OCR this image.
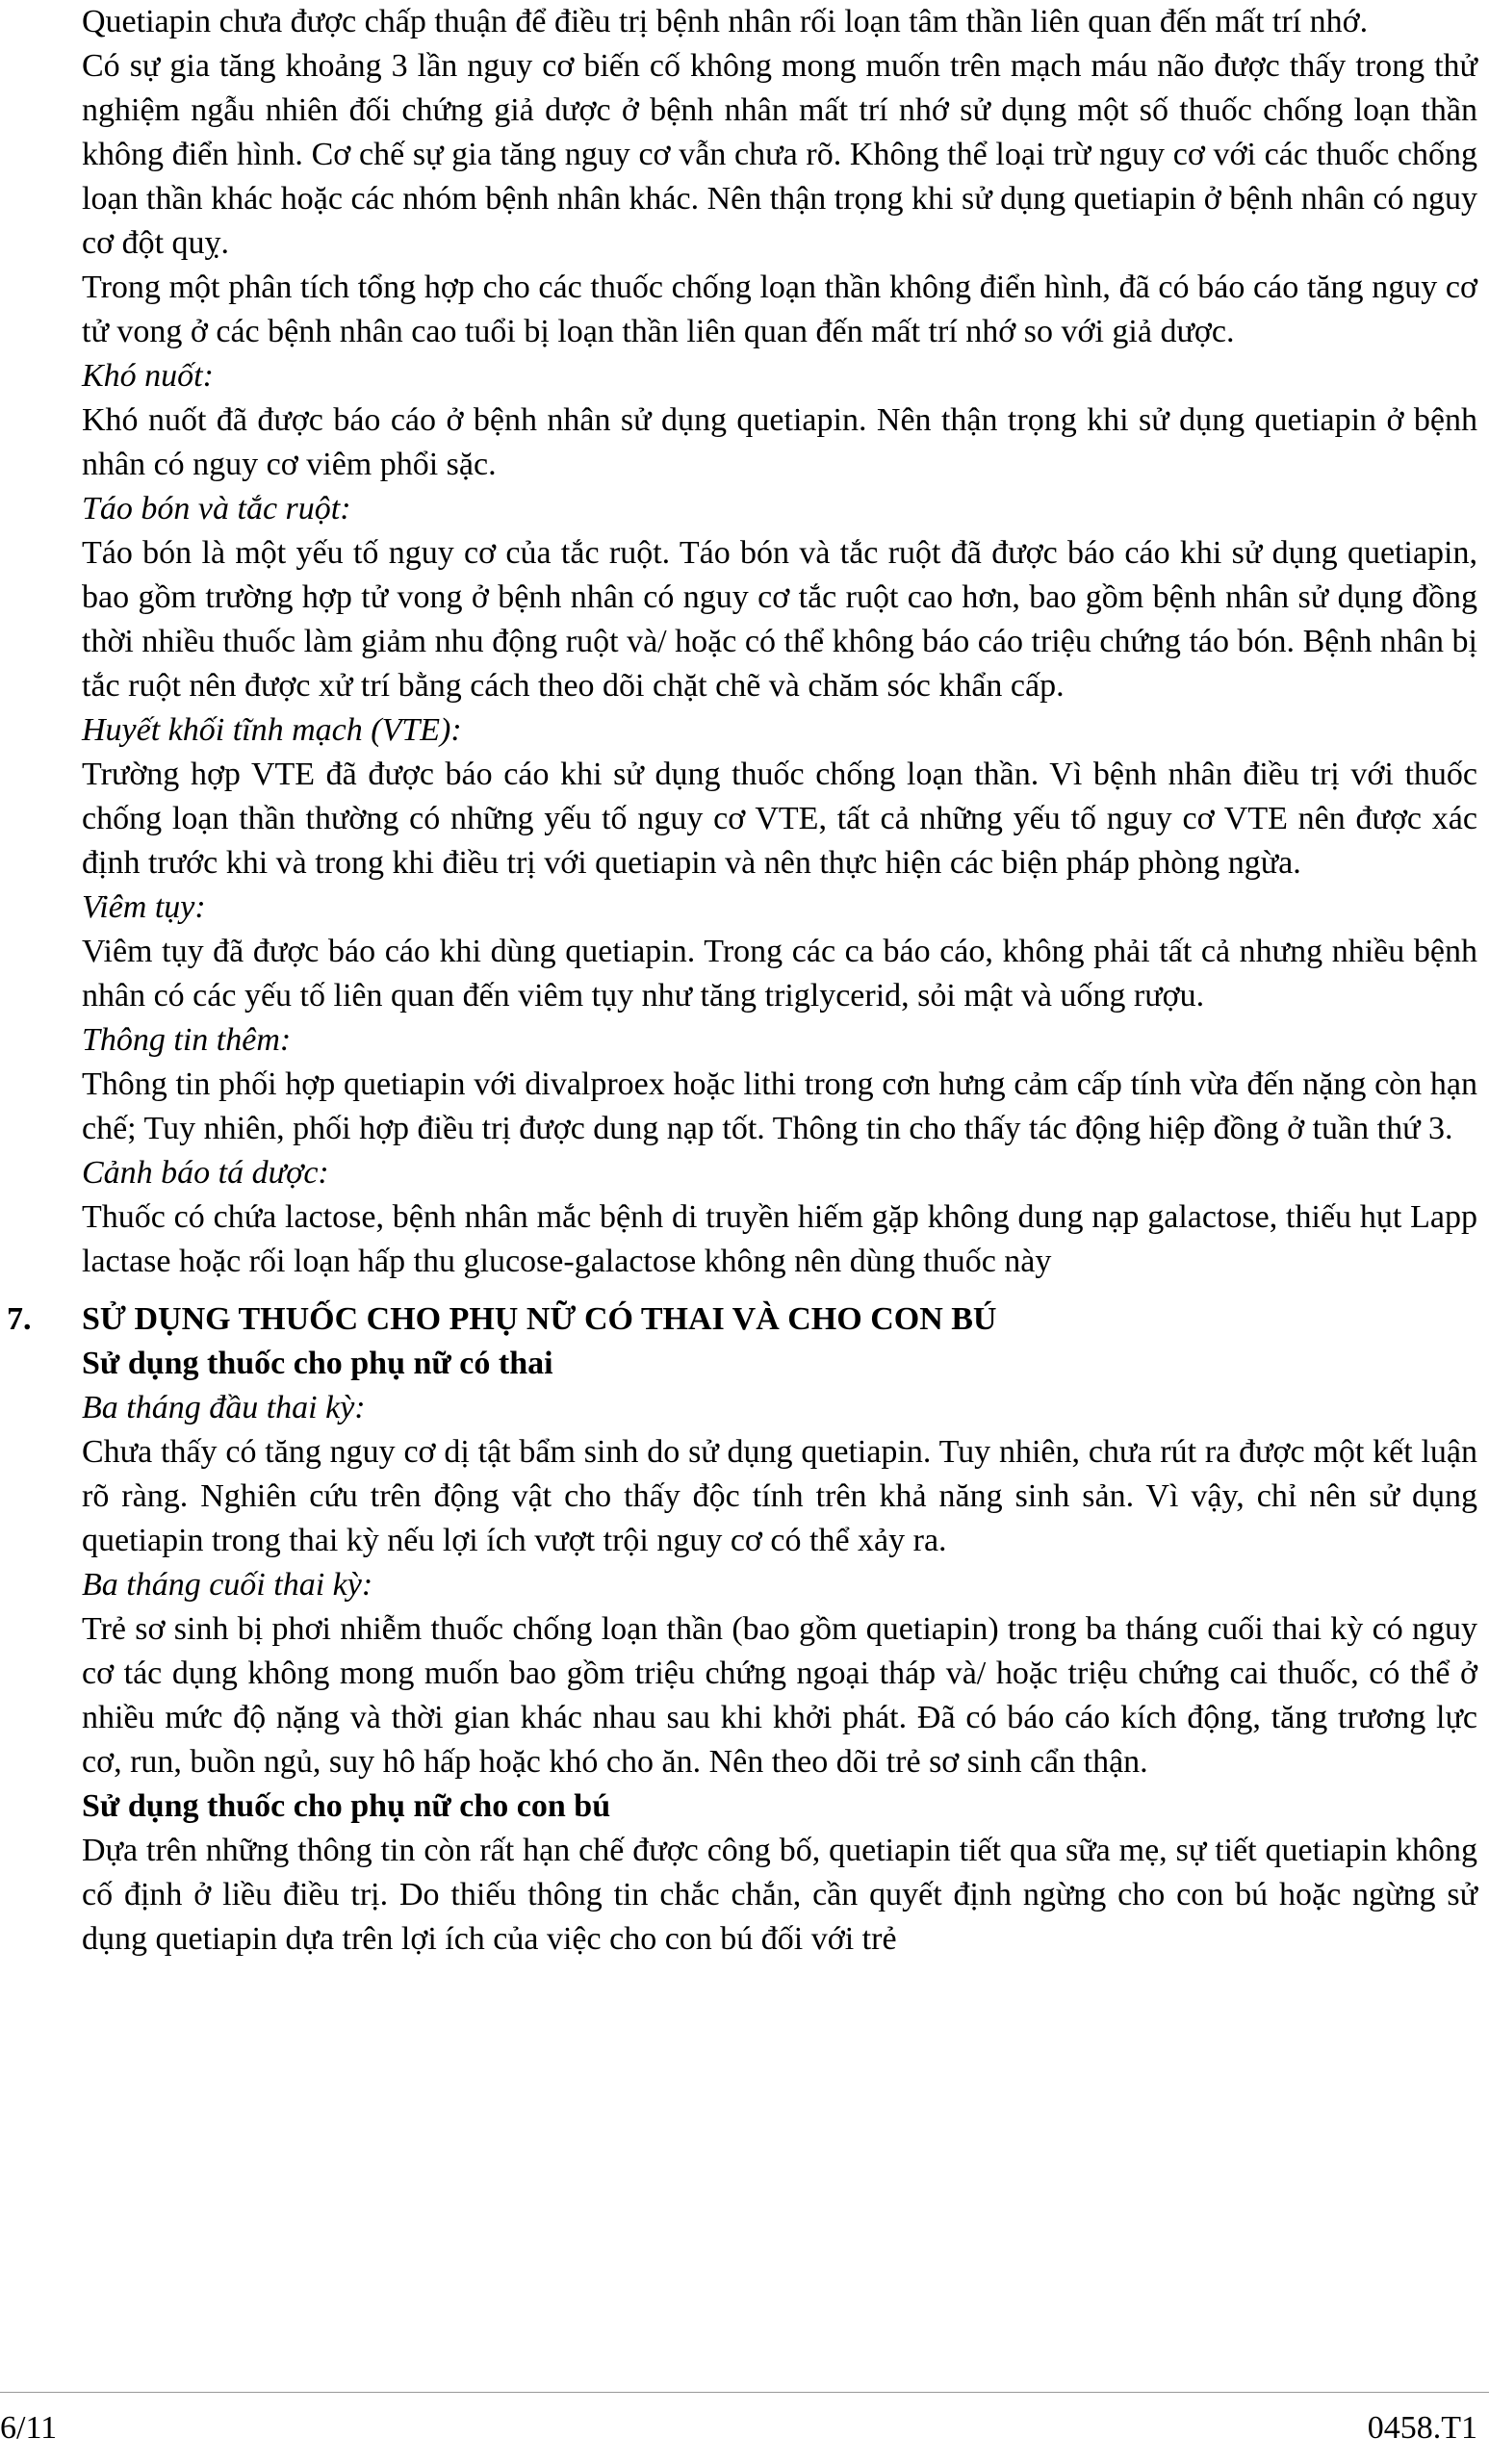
Quetiapin chưa được chấp thuận để điều trị bệnh nhân rối loạn tâm thần liên quan đến mất trí nhớ.
Có sự gia tăng khoảng 3 lần nguy cơ biến cố không mong muốn trên mạch máu não được thấy trong thử nghiệm ngẫu nhiên đối chứng giả dược ở bệnh nhân mất trí nhớ sử dụng một số thuốc chống loạn thần không điển hình. Cơ chế sự gia tăng nguy cơ vẫn chưa rõ. Không thể loại trừ nguy cơ với các thuốc chống loạn thần khác hoặc các nhóm bệnh nhân khác. Nên thận trọng khi sử dụng quetiapin ở bệnh nhân có nguy cơ đột quỵ.
Trong một phân tích tổng hợp cho các thuốc chống loạn thần không điển hình, đã có báo cáo tăng nguy cơ tử vong ở các bệnh nhân cao tuổi bị loạn thần liên quan đến mất trí nhớ so với giả dược.
Khó nuốt:
Khó nuốt đã được báo cáo ở bệnh nhân sử dụng quetiapin. Nên thận trọng khi sử dụng quetiapin ở bệnh nhân có nguy cơ viêm phổi sặc.
Táo bón và tắc ruột:
Táo bón là một yếu tố nguy cơ của tắc ruột. Táo bón và tắc ruột đã được báo cáo khi sử dụng quetiapin, bao gồm trường hợp tử vong ở bệnh nhân có nguy cơ tắc ruột cao hơn, bao gồm bệnh nhân sử dụng đồng thời nhiều thuốc làm giảm nhu động ruột và/ hoặc có thể không báo cáo triệu chứng táo bón. Bệnh nhân bị tắc ruột nên được xử trí bằng cách theo dõi chặt chẽ và chăm sóc khẩn cấp.
Huyết khối tĩnh mạch (VTE):
Trường hợp VTE đã được báo cáo khi sử dụng thuốc chống loạn thần. Vì bệnh nhân điều trị với thuốc chống loạn thần thường có những yếu tố nguy cơ VTE, tất cả những yếu tố nguy cơ VTE nên được xác định trước khi và trong khi điều trị với quetiapin và nên thực hiện các biện pháp phòng ngừa.
Viêm tụy:
Viêm tụy đã được báo cáo khi dùng quetiapin. Trong các ca báo cáo, không phải tất cả nhưng nhiều bệnh nhân có các yếu tố liên quan đến viêm tụy như tăng triglycerid, sỏi mật và uống rượu.
Thông tin thêm:
Thông tin phối hợp quetiapin với divalproex hoặc lithi trong cơn hưng cảm cấp tính vừa đến nặng còn hạn chế; Tuy nhiên, phối hợp điều trị được dung nạp tốt. Thông tin cho thấy tác động hiệp đồng ở tuần thứ 3.
Cảnh báo tá dược:
Thuốc có chứa lactose, bệnh nhân mắc bệnh di truyền hiếm gặp không dung nạp galactose, thiếu hụt Lapp lactase hoặc rối loạn hấp thu glucose-galactose không nên dùng thuốc này
7.	SỬ DỤNG THUỐC CHO PHỤ NỮ CÓ THAI VÀ CHO CON BÚ
Sử dụng thuốc cho phụ nữ có thai
Ba tháng đầu thai kỳ:
Chưa thấy có tăng nguy cơ dị tật bẩm sinh do sử dụng quetiapin. Tuy nhiên, chưa rút ra được một kết luận rõ ràng. Nghiên cứu trên động vật cho thấy độc tính trên khả năng sinh sản. Vì vậy, chỉ nên sử dụng quetiapin trong thai kỳ nếu lợi ích vượt trội nguy cơ có thể xảy ra.
Ba tháng cuối thai kỳ:
Trẻ sơ sinh bị phơi nhiễm thuốc chống loạn thần (bao gồm quetiapin) trong ba tháng cuối thai kỳ có nguy cơ tác dụng không mong muốn bao gồm triệu chứng ngoại tháp và/ hoặc triệu chứng cai thuốc, có thể ở nhiều mức độ nặng và thời gian khác nhau sau khi khởi phát. Đã có báo cáo kích động, tăng trương lực cơ, run, buồn ngủ, suy hô hấp hoặc khó cho ăn. Nên theo dõi trẻ sơ sinh cẩn thận.
Sử dụng thuốc cho phụ nữ cho con bú
Dựa trên những thông tin còn rất hạn chế được công bố, quetiapin tiết qua sữa mẹ, sự tiết quetiapin không cố định ở liều điều trị. Do thiếu thông tin chắc chắn, cần quyết định ngừng cho con bú hoặc ngừng sử dụng quetiapin dựa trên lợi ích của việc cho con bú đối với trẻ
6/11	0458.T1
